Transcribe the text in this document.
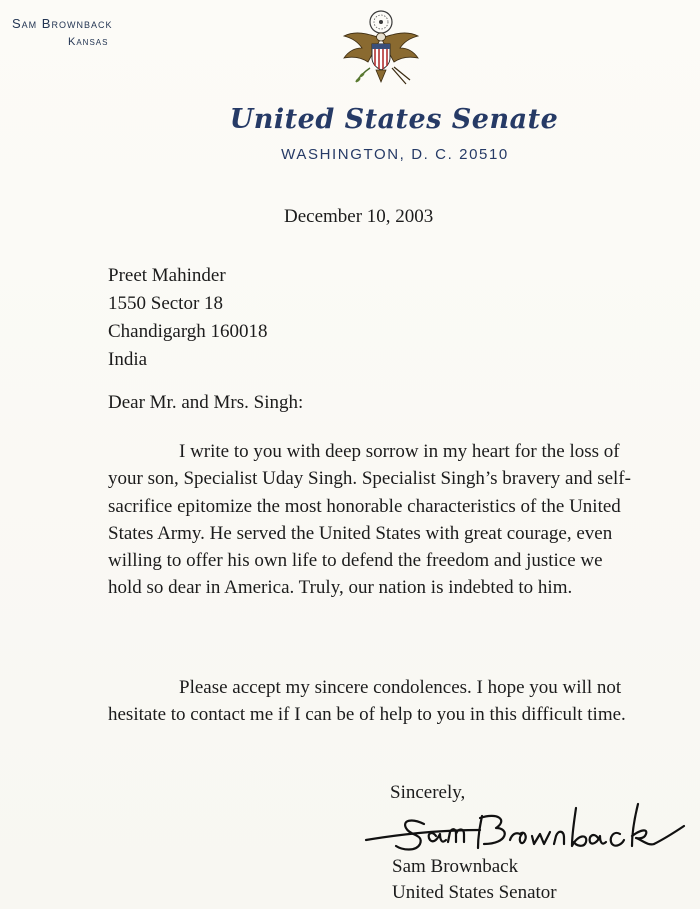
Sam Brownback
Kansas
United States Senate
WASHINGTON, D. C. 20510
December 10, 2003
Preet Mahinder
1550 Sector 18
Chandigargh 160018
India
Dear Mr. and Mrs. Singh:
I write to you with deep sorrow in my heart for the loss of your son, Specialist Uday Singh. Specialist Singh’s bravery and self-sacrifice epitomize the most honorable characteristics of the United States Army. He served the United States with great courage, even willing to offer his own life to defend the freedom and justice we hold so dear in America. Truly, our nation is indebted to him.
Please accept my sincere condolences. I hope you will not hesitate to contact me if I can be of help to you in this difficult time.
Sincerely,
Sam Brownback
United States Senator
